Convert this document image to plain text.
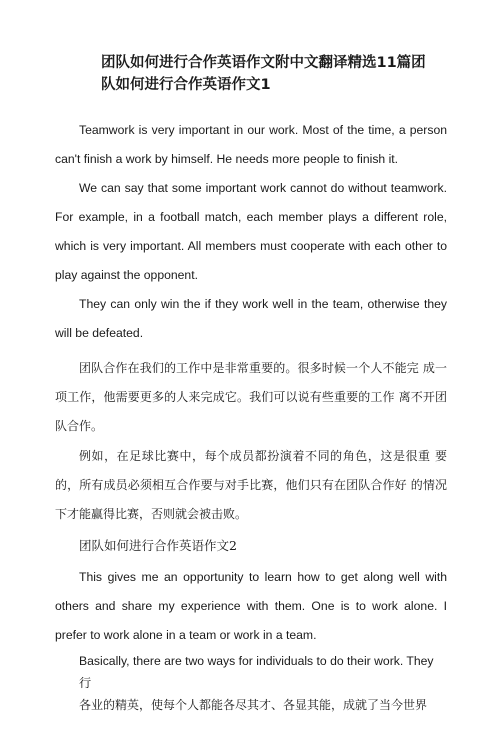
团队如何进行合作英语作文附中文翻译精选11篇团
队如何进行合作英语作文1

Teamwork is very important in our work. Most of the time, a person can't finish a work by himself. He needs more people to finish it.

We can say that some important work cannot do without teamwork. For example, in a football match, each member plays a different role, which is very important. All members must cooperate with each other to play against the opponent.

They can only win the if they work well in the team, otherwise they will be defeated.

团队合作在我们的工作中是非常重要的。很多时候一个人不能完 成一项工作，他需要更多的人来完成它。我们可以说有些重要的工作 离不开团队合作。

例如，在足球比赛中，每个成员都扮演着不同的角色，这是很重 要的，所有成员必须相互合作要与对手比赛，他们只有在团队合作好 的情况下才能赢得比赛，否则就会被击败。

团队如何进行合作英语作文2

This gives me an opportunity to learn how to get along well with others and share my experience with them. One is to work alone. I prefer to work alone in a team or work in a team.

Basically, there are two ways for individuals to do their work. They 行
各业的精英，使每个人都能各尽其才、各显其能，成就了当今世界
